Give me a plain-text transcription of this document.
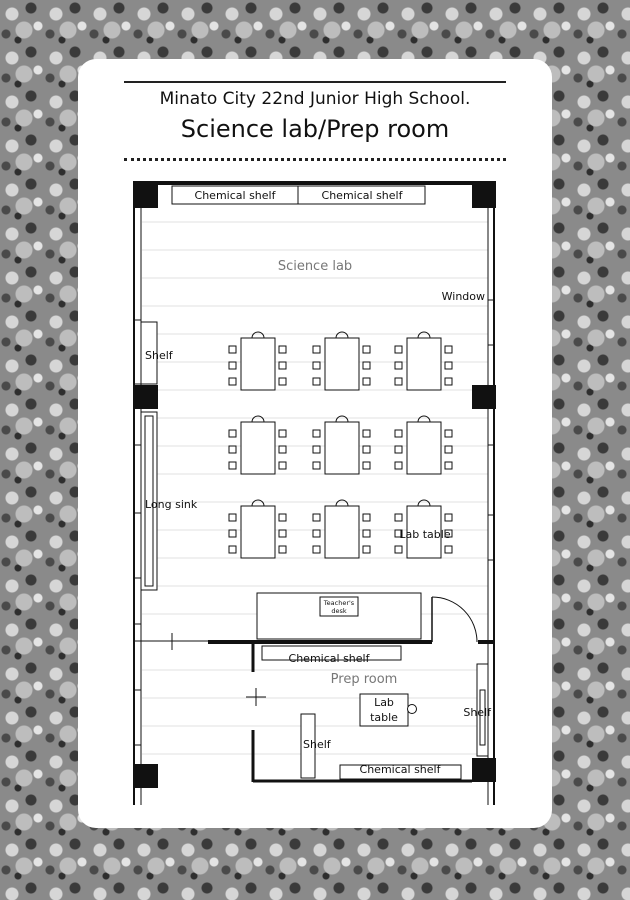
Minato City 22nd Junior High School.
Science lab/Prep room
Chemical shelf	Chemical shelf
Science lab
Window
Shelf
Long sink
Lab table
Teacher's
desk
Chemical shelf
Prep room
Lab
table
Shelf
Shelf
Chemical shelf
